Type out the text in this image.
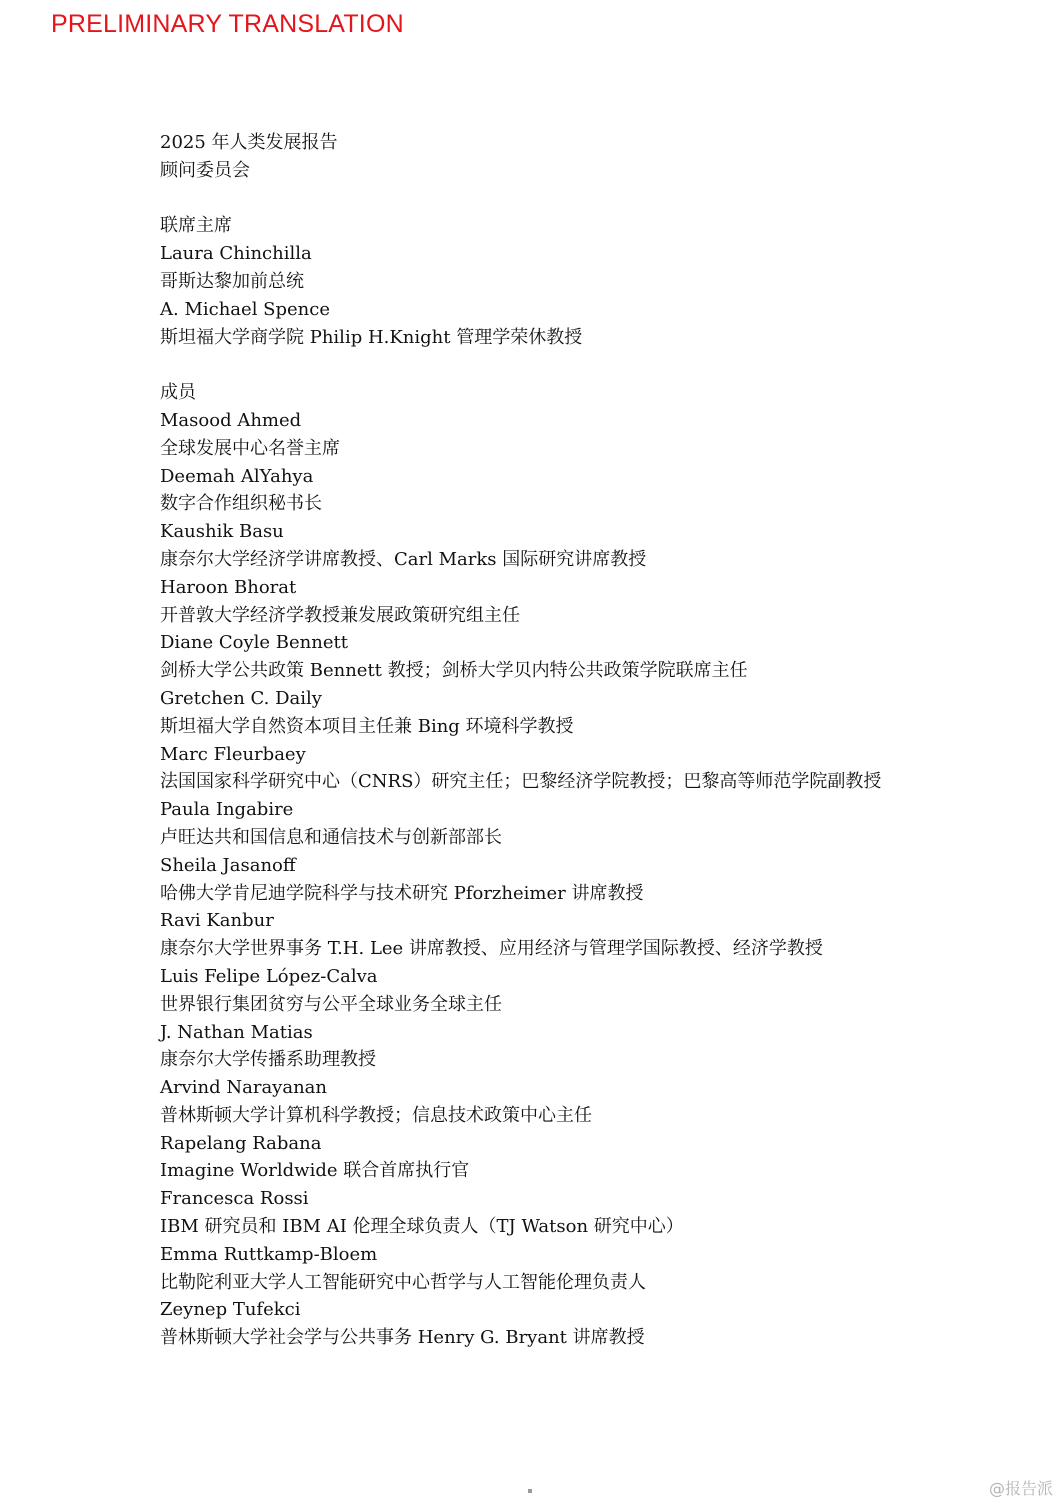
PRELIMINARY TRANSLATION
2025 年人类发展报告
顾问委员会
联席主席
Laura Chinchilla
哥斯达黎加前总统
A. Michael Spence
斯坦福大学商学院 Philip H.Knight 管理学荣休教授
成员
Masood Ahmed
全球发展中心名誉主席
Deemah AlYahya
数字合作组织秘书长
Kaushik Basu
康奈尔大学经济学讲席教授、Carl Marks 国际研究讲席教授
Haroon Bhorat
开普敦大学经济学教授兼发展政策研究组主任
Diane Coyle Bennett
剑桥大学公共政策 Bennett 教授；剑桥大学贝内特公共政策学院联席主任
Gretchen C. Daily
斯坦福大学自然资本项目主任兼 Bing 环境科学教授
Marc Fleurbaey
法国国家科学研究中心（CNRS）研究主任；巴黎经济学院教授；巴黎高等师范学院副教授
Paula Ingabire
卢旺达共和国信息和通信技术与创新部部长
Sheila Jasanoff
哈佛大学肯尼迪学院科学与技术研究 Pforzheimer 讲席教授
Ravi Kanbur
康奈尔大学世界事务 T.H. Lee 讲席教授、应用经济与管理学国际教授、经济学教授
Luis Felipe López-Calva
世界银行集团贫穷与公平全球业务全球主任
J. Nathan Matias
康奈尔大学传播系助理教授
Arvind Narayanan
普林斯顿大学计算机科学教授；信息技术政策中心主任
Rapelang Rabana
Imagine Worldwide 联合首席执行官
Francesca Rossi
IBM 研究员和 IBM AI 伦理全球负责人（TJ Watson 研究中心）
Emma Ruttkamp-Bloem
比勒陀利亚大学人工智能研究中心哲学与人工智能伦理负责人
Zeynep Tufekci
普林斯顿大学社会学与公共事务 Henry G. Bryant 讲席教授
@报告派
